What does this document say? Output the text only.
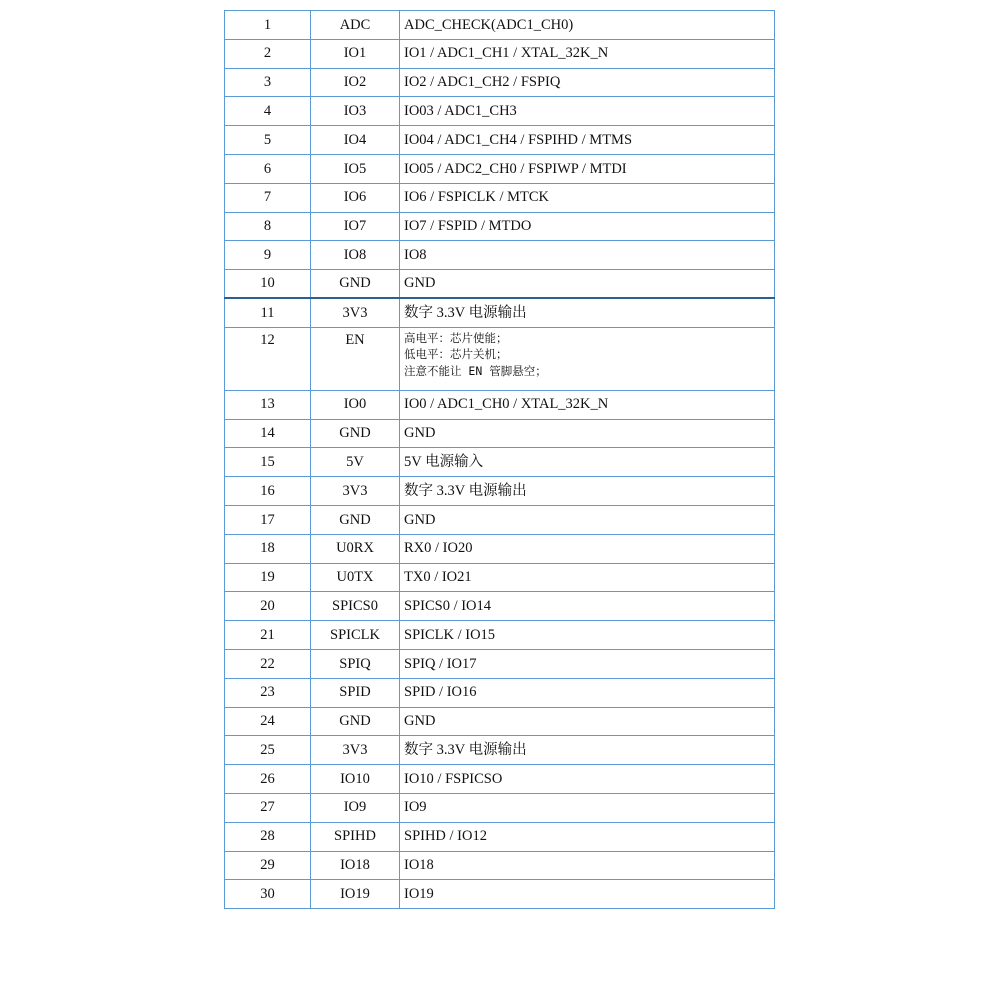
1	ADC	ADC_CHECK(ADC1_CH0)

2	IO1	IO1 / ADC1_CH1 / XTAL_32K_N

3	IO2	IO2 / ADC1_CH2 / FSPIQ

4	IO3	IO03 / ADC1_CH3

5	IO4	IO04 / ADC1_CH4 / FSPIHD / MTMS

6	IO5	IO05 / ADC2_CH0 / FSPIWP / MTDI

7	IO6	IO6 / FSPICLK / MTCK

8	IO7	IO7 / FSPID / MTDO

9	IO8	IO8

10	GND	GND

11	3V3	数字 3.3V 电源输出

12	EN	高电平：芯片使能；
低电平：芯片关机；
注意不能让 EN 管脚悬空；

13	IO0	IO0 / ADC1_CH0 / XTAL_32K_N

14	GND	GND

15	5V	5V 电源输入

16	3V3	数字 3.3V 电源输出

17	GND	GND

18	U0RX	RX0 / IO20

19	U0TX	TX0 / IO21

20	SPICS0	SPICS0 / IO14

21	SPICLK	SPICLK / IO15

22	SPIQ	SPIQ / IO17

23	SPID	SPID / IO16

24	GND	GND

25	3V3	数字 3.3V 电源输出

26	IO10	IO10 / FSPICSO

27	IO9	IO9

28	SPIHD	SPIHD / IO12

29	IO18	IO18

30	IO19	IO19
